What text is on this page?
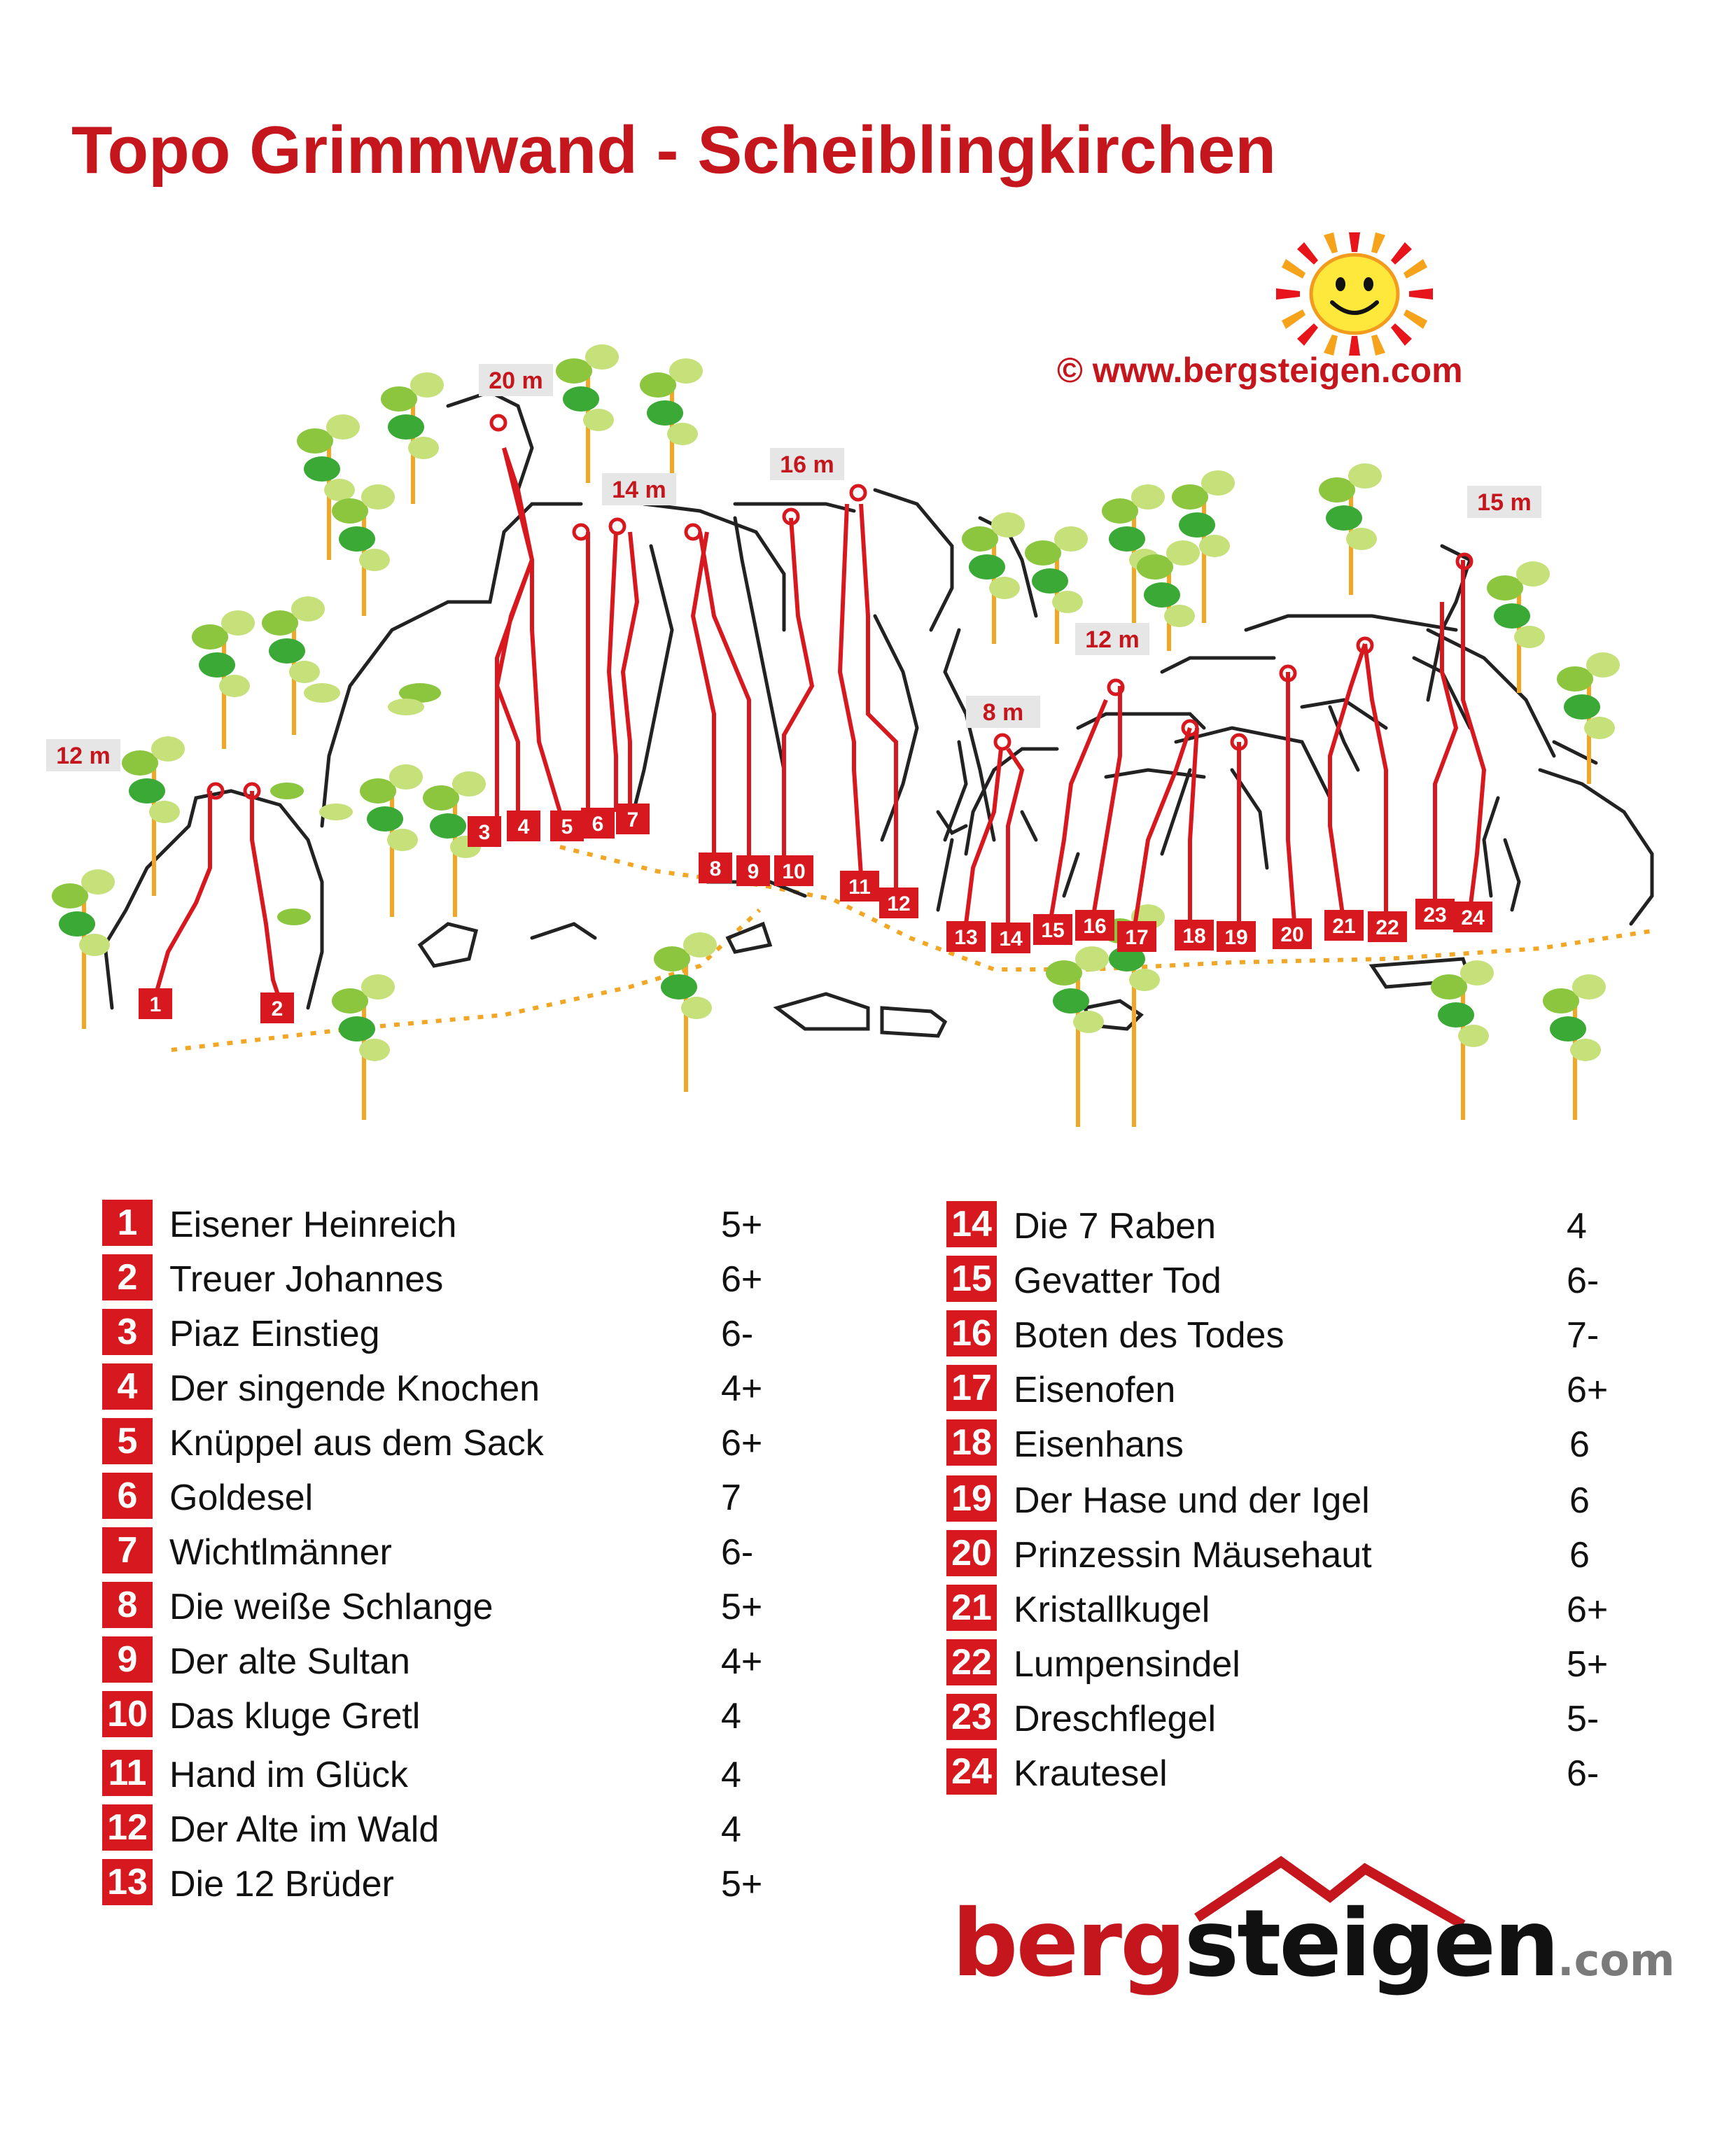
Topo Grimmwand - Scheiblingkirchen
© www.bergsteigen.com
20 m
14 m
16 m
12 m
12 m
8 m
15 m
1	2
3 4 5 6 7
8 9 10
11
12
13 14 15 16 17 18 19 20 21 22
23 24
1 Eisener Heinreich	5+
2 Treuer Johannes	6+
3 Piaz Einstieg	6-
4 Der singende Knochen	4+
5 Knüppel aus dem Sack	6+
6 Goldesel	7
7 Wichtlmänner	6-
8 Die weiße Schlange	5+
9 Der alte Sultan	4+
10 Das kluge Gretl	4
11 Hand im Glück	4
12 Der Alte im Wald	4
13 Die 12 Brüder	5+
14 Die 7 Raben	4
15 Gevatter Tod	6-
16 Boten des Todes	7-
17 Eisenofen	6+
18 Eisenhans	6
19 Der Hase und der Igel	6
20 Prinzessin Mäusehaut	6
21 Kristallkugel	6+
22 Lumpensindel	5+
23 Dreschflegel	5-
24 Krautesel	6-
bergsteigen.com
